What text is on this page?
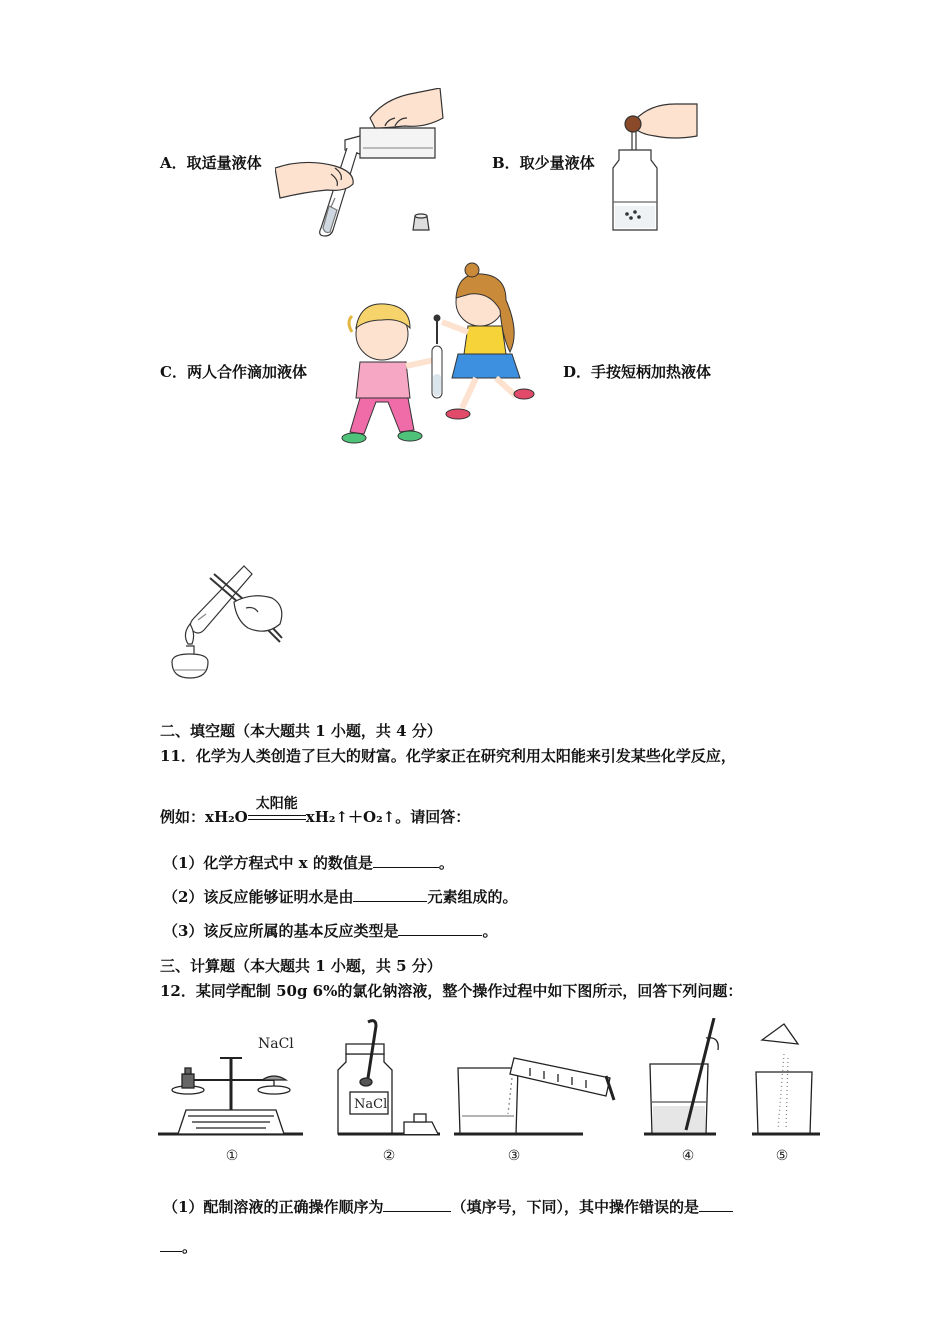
A．取适量液体	B．取少量液体
C．两人合作滴加液体	D．手按短柄加热液体
二、填空题（本大题共 1 小题，共 4 分）
11．化学为人类创造了巨大的财富。化学家正在研究利用太阳能来引发某些化学反应，
例如：xH₂O
太阳能
xH₂↑＋O₂↑。请回答：
（1）化学方程式中 x 的数值是	。
（2）该反应能够证明水是由	元素组成的。
（3）该反应所属的基本反应类型是	。
三、计算题（本大题共 1 小题，共 5 分）
12．某同学配制 50g 6%的氯化钠溶液，整个操作过程中如下图所示，回答下列问题：
NaCl
NaCl
①	②	③	④	⑤
（1）配制溶液的正确操作顺序为	（填序号，下同），其中操作错误的是
。
